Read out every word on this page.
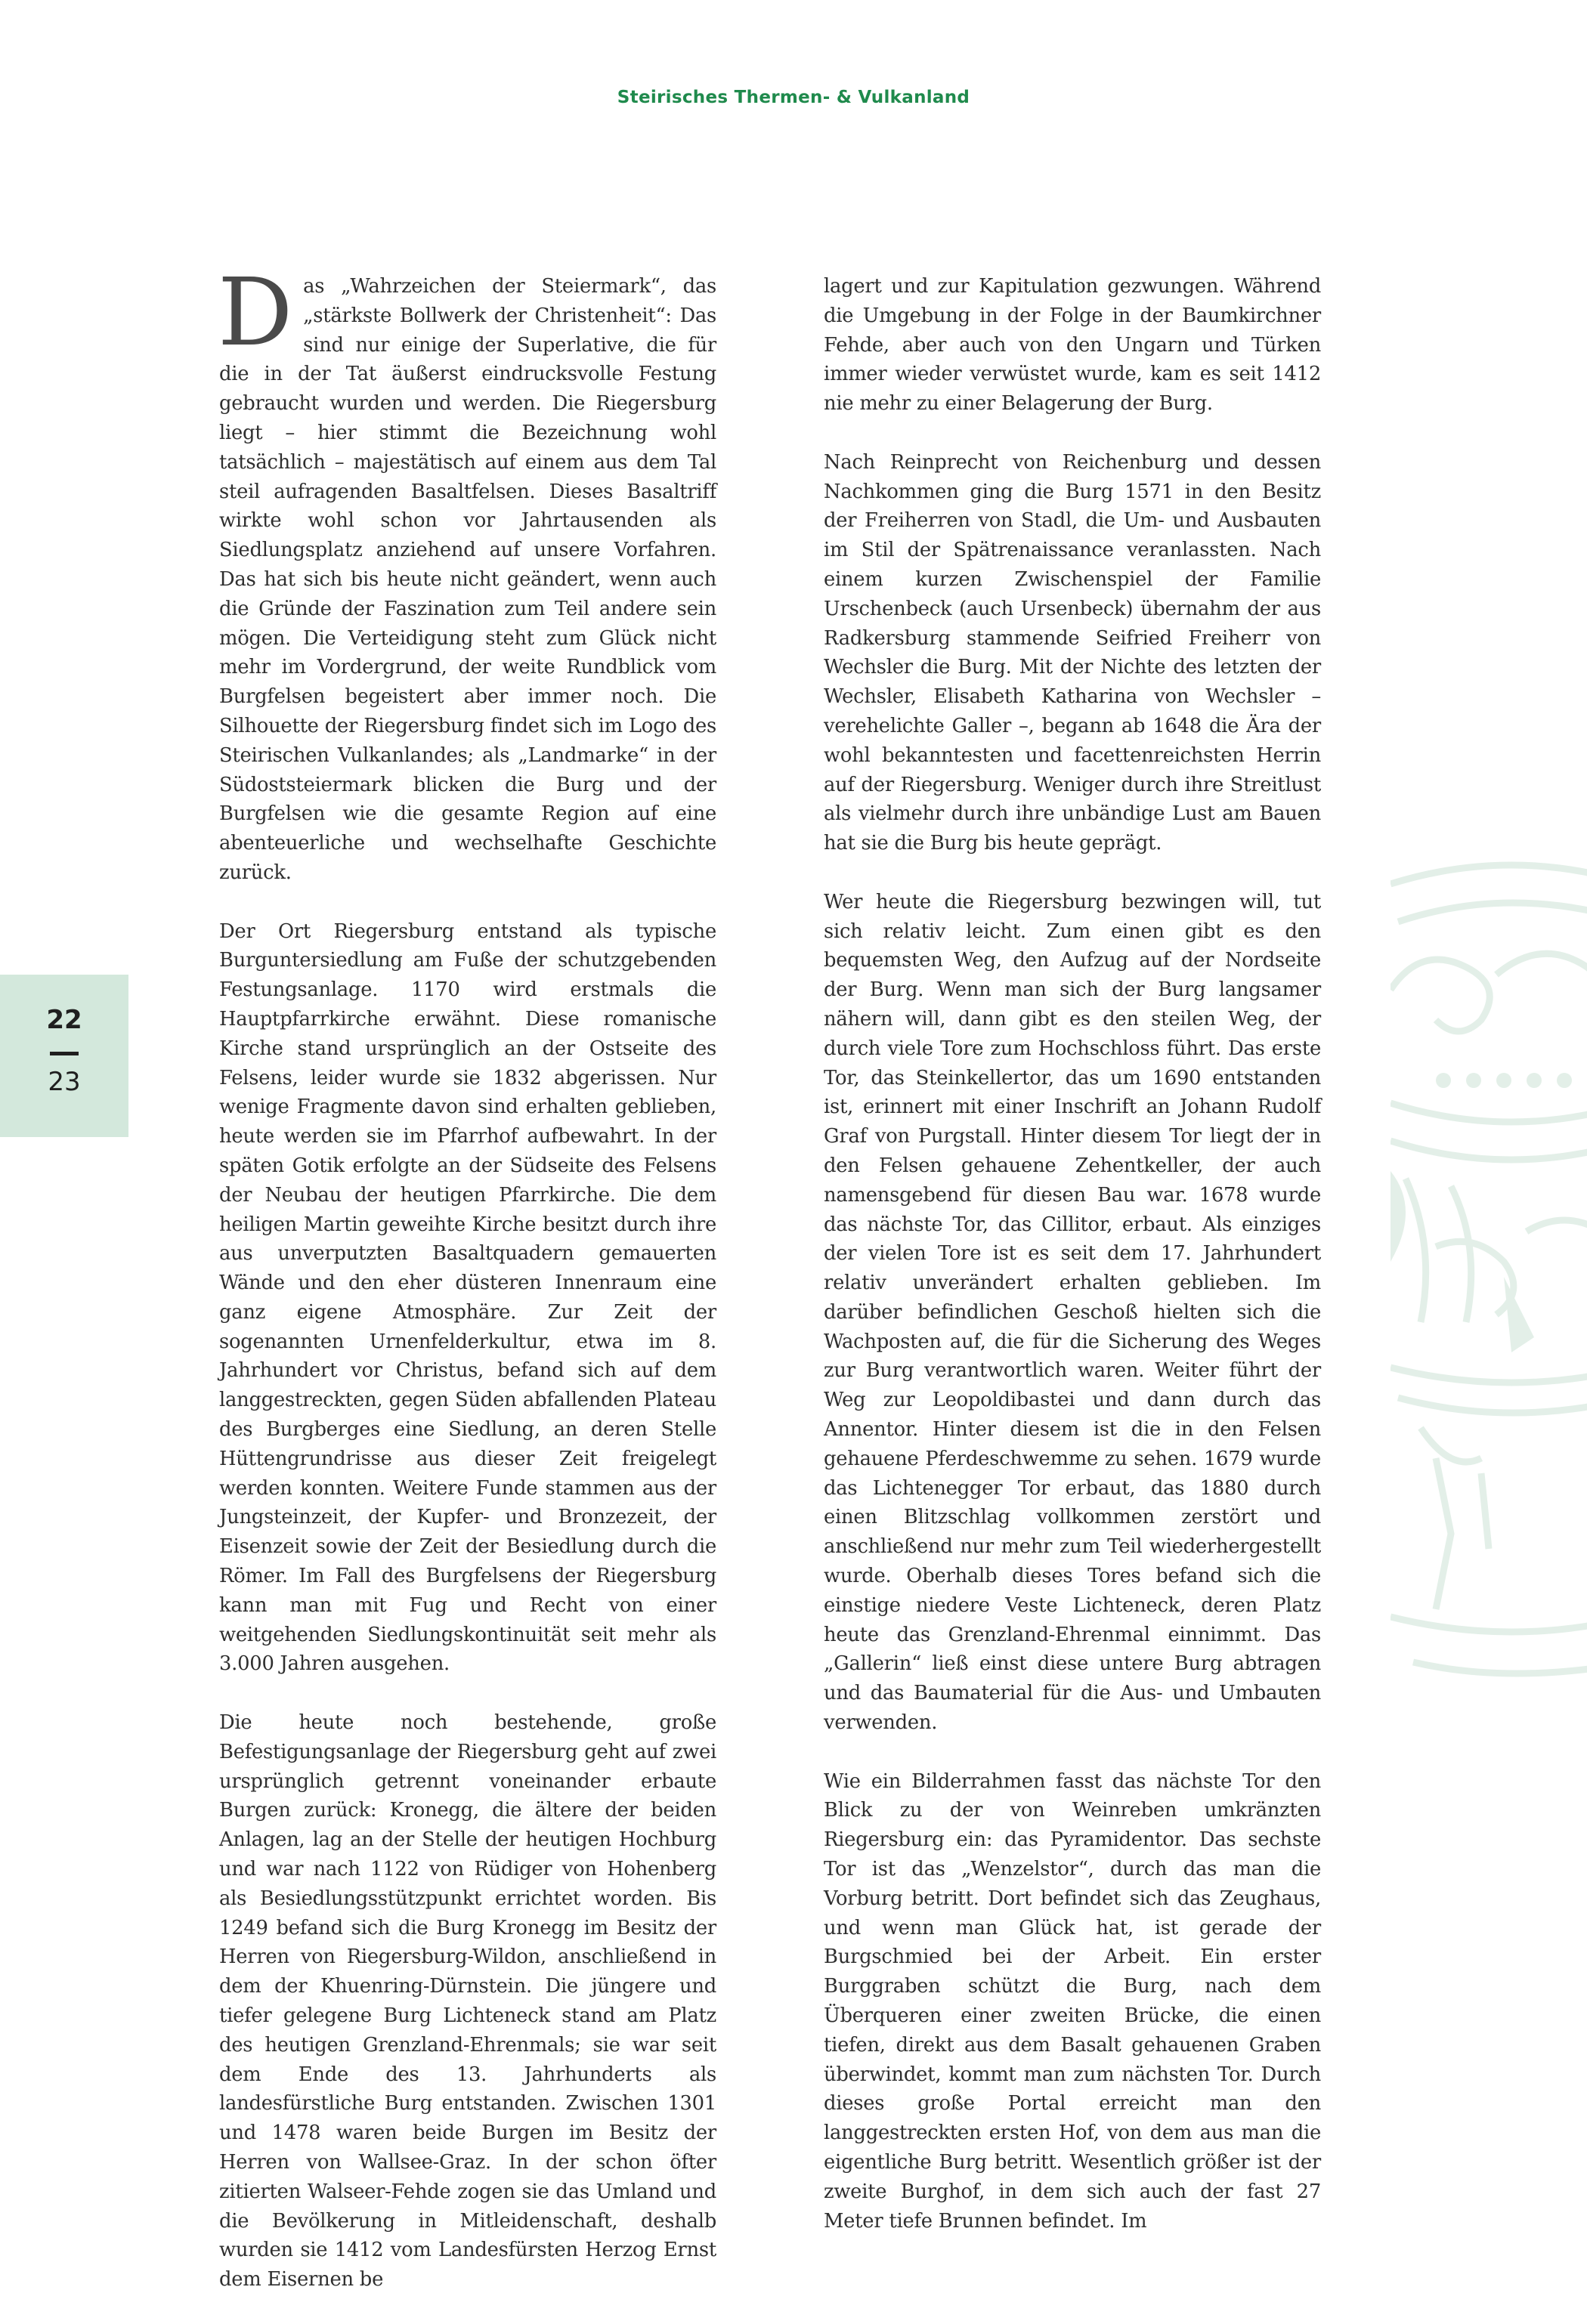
Steirisches Thermen- & Vulkanland
22
23

Das „Wahrzeichen der Steiermark“, das „stärkste Bollwerk der Christenheit“: Das sind nur einige der Superlative, die für die in der Tat äußerst eindrucksvolle Festung gebraucht wurden und werden. Die Riegersburg liegt – hier stimmt die Bezeichnung wohl tatsächlich – majestätisch auf einem aus dem Tal steil aufragenden Basaltfelsen. Dieses Basaltriff wirkte wohl schon vor Jahrtausenden als Siedlungsplatz anziehend auf unsere Vorfahren. Das hat sich bis heute nicht geändert, wenn auch die Gründe der Faszination zum Teil andere sein mögen. Die Verteidigung steht zum Glück nicht mehr im Vordergrund, der weite Rundblick vom Burgfelsen begeistert aber immer noch. Die Silhouette der Riegersburg findet sich im Logo des Steirischen Vulkanlandes; als „Landmarke“ in der Südoststeiermark blicken die Burg und der Burgfelsen wie die gesamte Region auf eine abenteuerliche und wechselhafte Geschichte zurück.

Der Ort Riegersburg entstand als typische Burguntersiedlung am Fuße der schutzgebenden Festungsanlage. 1170 wird erstmals die Hauptpfarrkirche erwähnt. Diese romanische Kirche stand ursprünglich an der Ostseite des Felsens, leider wurde sie 1832 abgerissen. Nur wenige Fragmente davon sind erhalten geblieben, heute werden sie im Pfarrhof aufbewahrt. In der späten Gotik erfolgte an der Südseite des Felsens der Neubau der heutigen Pfarrkirche. Die dem heiligen Martin geweihte Kirche besitzt durch ihre aus unverputzten Basaltquadern gemauerten Wände und den eher düsteren Innenraum eine ganz eigene Atmosphäre. Zur Zeit der sogenannten Urnenfelderkultur, etwa im 8. Jahrhundert vor Christus, befand sich auf dem langgestreckten, gegen Süden abfallenden Plateau des Burgberges eine Siedlung, an deren Stelle Hüttengrundrisse aus dieser Zeit freigelegt werden konnten. Weitere Funde stammen aus der Jungsteinzeit, der Kupfer- und Bronzezeit, der Eisenzeit sowie der Zeit der Besiedlung durch die Römer. Im Fall des Burgfelsens der Riegersburg kann man mit Fug und Recht von einer weitgehenden Siedlungskontinuität seit mehr als 3.000 Jahren ausgehen.

Die heute noch bestehende, große Befestigungsanlage der Riegersburg geht auf zwei ursprünglich getrennt voneinander erbaute Burgen zurück: Kronegg, die ältere der beiden Anlagen, lag an der Stelle der heutigen Hochburg und war nach 1122 von Rüdiger von Hohenberg als Besiedlungsstützpunkt errichtet worden. Bis 1249 befand sich die Burg Kronegg im Besitz der Herren von Riegersburg-Wildon, anschließend in dem der Khuenring-Dürnstein. Die jüngere und tiefer gelegene Burg Lichteneck stand am Platz des heutigen Grenzland-Ehrenmals; sie war seit dem Ende des 13. Jahrhunderts als landesfürstliche Burg entstanden. Zwischen 1301 und 1478 waren beide Burgen im Besitz der Herren von Wallsee-Graz. In der schon öfter zitierten Walseer-Fehde zogen sie das Umland und die Bevölkerung in Mitleidenschaft, deshalb wurden sie 1412 vom Landesfürsten Herzog Ernst dem Eisernen be

lagert und zur Kapitulation gezwungen. Während die Umgebung in der Folge in der Baumkirchner Fehde, aber auch von den Ungarn und Türken immer wieder verwüstet wurde, kam es seit 1412 nie mehr zu einer Belagerung der Burg.

Nach Reinprecht von Reichenburg und dessen Nachkommen ging die Burg 1571 in den Besitz der Freiherren von Stadl, die Um- und Ausbauten im Stil der Spätrenaissance veranlassten. Nach einem kurzen Zwischenspiel der Familie Urschenbeck (auch Ursenbeck) übernahm der aus Radkersburg stammende Seifried Freiherr von Wechsler die Burg. Mit der Nichte des letzten der Wechsler, Elisabeth Katharina von Wechsler – verehelichte Galler –, begann ab 1648 die Ära der wohl bekanntesten und facettenreichsten Herrin auf der Riegersburg. Weniger durch ihre Streitlust als vielmehr durch ihre unbändige Lust am Bauen hat sie die Burg bis heute geprägt.

Wer heute die Riegersburg bezwingen will, tut sich relativ leicht. Zum einen gibt es den bequemsten Weg, den Aufzug auf der Nordseite der Burg. Wenn man sich der Burg langsamer nähern will, dann gibt es den steilen Weg, der durch viele Tore zum Hochschloss führt. Das erste Tor, das Steinkellertor, das um 1690 entstanden ist, erinnert mit einer Inschrift an Johann Rudolf Graf von Purgstall. Hinter diesem Tor liegt der in den Felsen gehauene Zehentkeller, der auch namensgebend für diesen Bau war. 1678 wurde das nächste Tor, das Cillitor, erbaut. Als einziges der vielen Tore ist es seit dem 17. Jahrhundert relativ unverändert erhalten geblieben. Im darüber befindlichen Geschoß hielten sich die Wachposten auf, die für die Sicherung des Weges zur Burg verantwortlich waren. Weiter führt der Weg zur Leopoldibastei und dann durch das Annentor. Hinter diesem ist die in den Felsen gehauene Pferdeschwemme zu sehen. 1679 wurde das Lichtenegger Tor erbaut, das 1880 durch einen Blitzschlag vollkommen zerstört und anschließend nur mehr zum Teil wiederhergestellt wurde. Oberhalb dieses Tores befand sich die einstige niedere Veste Lichteneck, deren Platz heute das Grenzland-Ehrenmal einnimmt. Das „Gallerin“ ließ einst diese untere Burg abtragen und das Baumaterial für die Aus- und Umbauten verwenden.

Wie ein Bilderrahmen fasst das nächste Tor den Blick zu der von Weinreben umkränzten Riegersburg ein: das Pyramidentor. Das sechste Tor ist das „Wenzelstor“, durch das man die Vorburg betritt. Dort befindet sich das Zeughaus, und wenn man Glück hat, ist gerade der Burgschmied bei der Arbeit. Ein erster Burggraben schützt die Burg, nach dem Überqueren einer zweiten Brücke, die einen tiefen, direkt aus dem Basalt gehauenen Graben überwindet, kommt man zum nächsten Tor. Durch dieses große Portal erreicht man den langgestreckten ersten Hof, von dem aus man die eigentliche Burg betritt. Wesentlich größer ist der zweite Burghof, in dem sich auch der fast 27 Meter tiefe Brunnen befindet. Im
